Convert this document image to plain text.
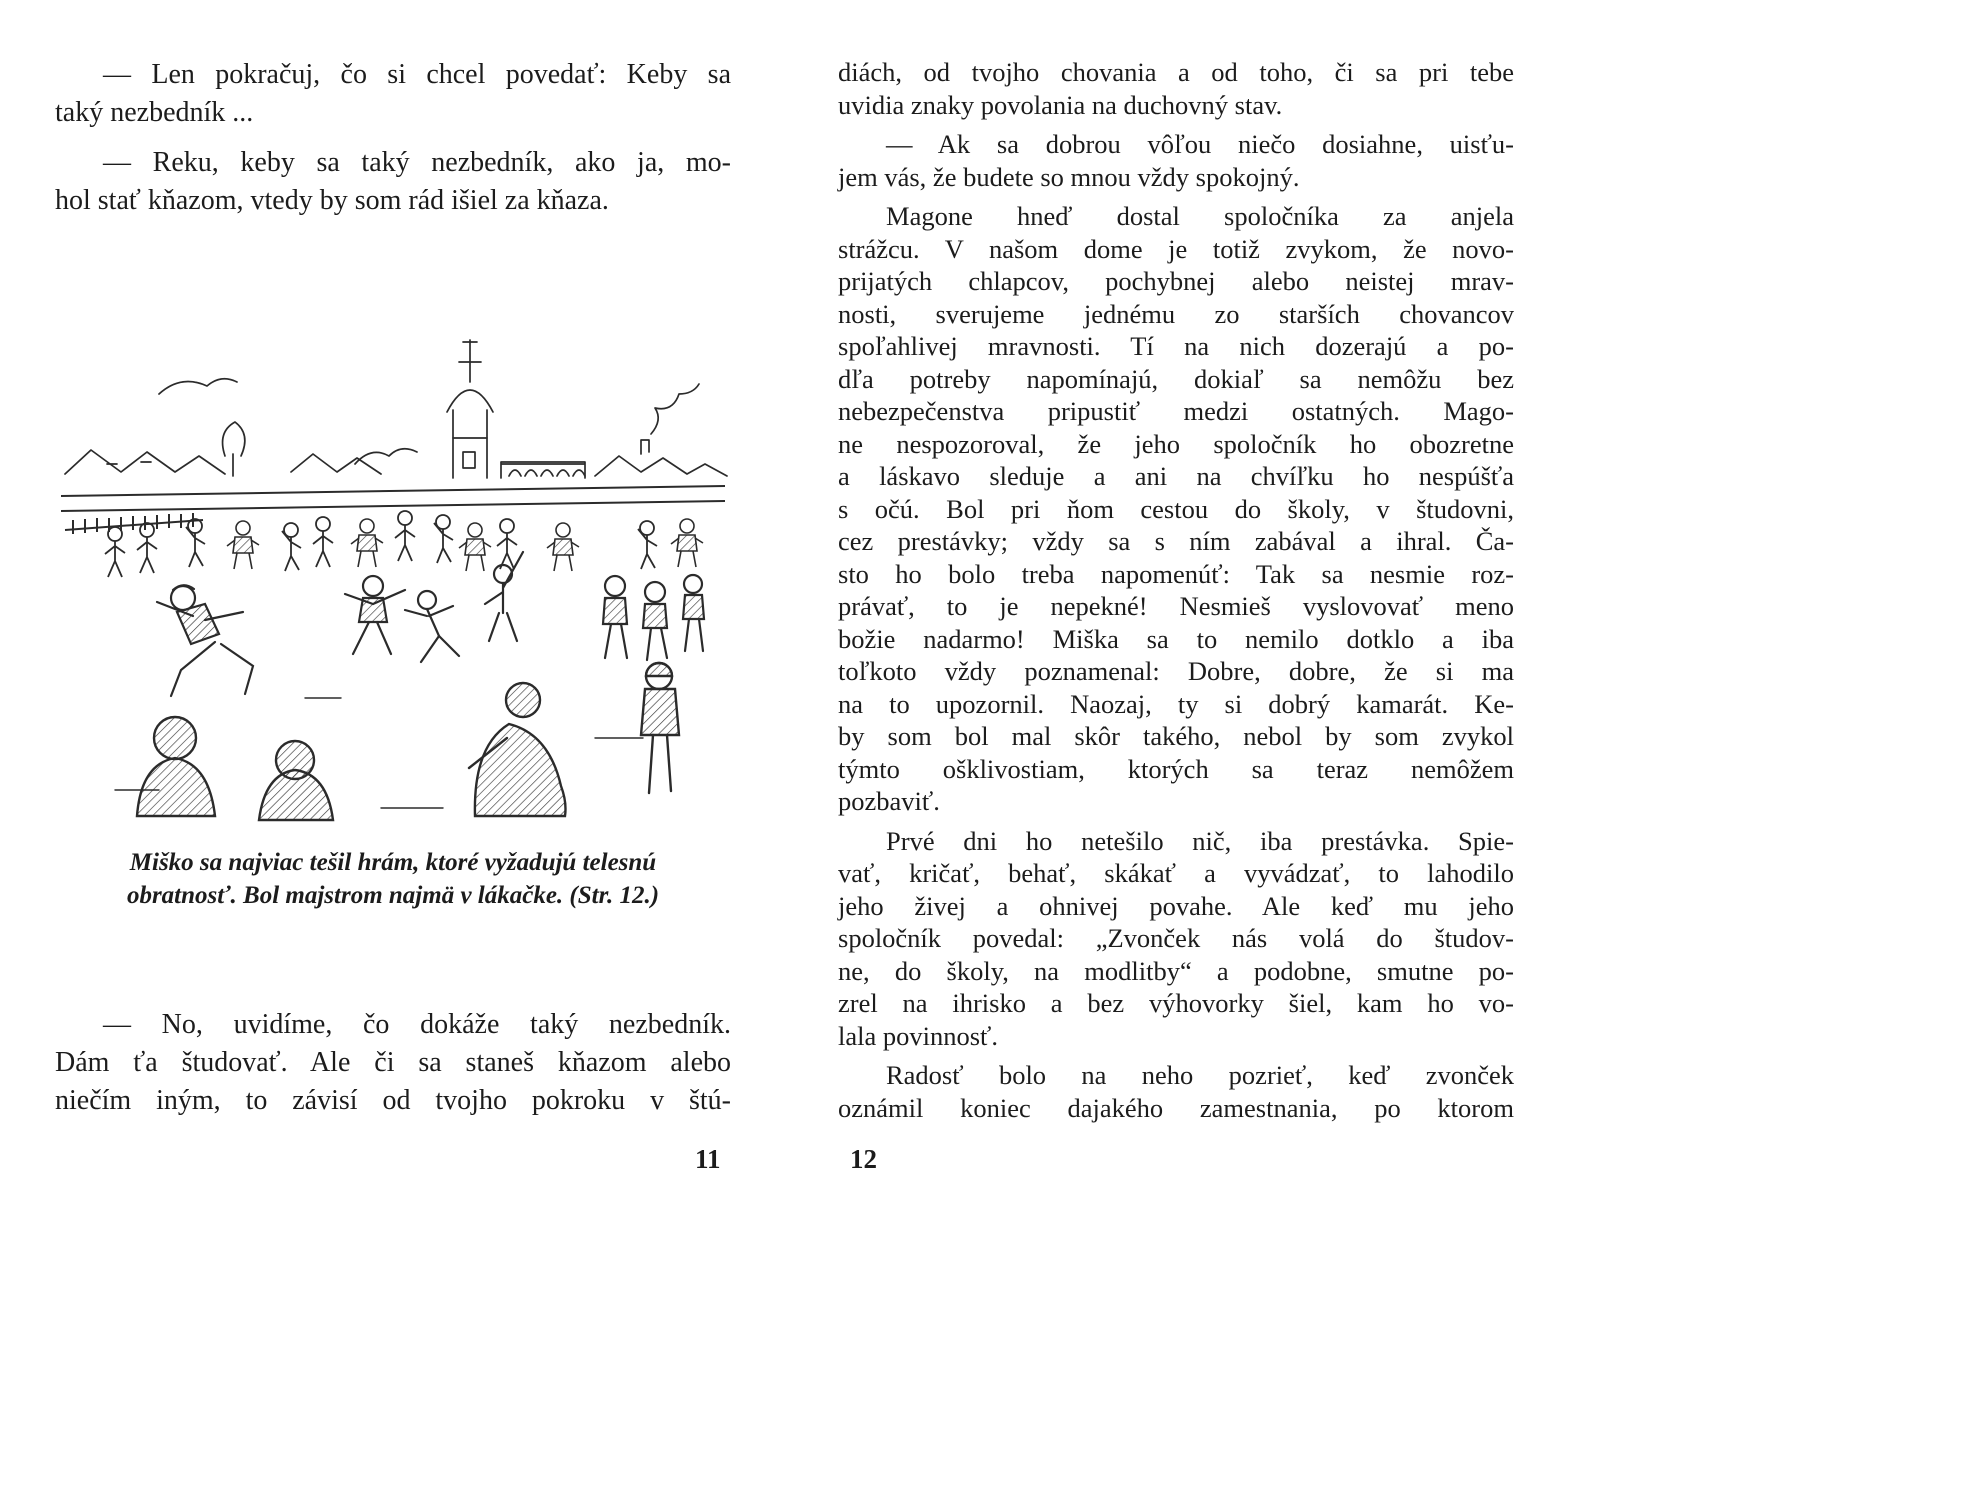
— Len pokračuj, čo si chcel povedať: Keby sa
taký nezbedník ...
— Reku, keby sa taký nezbedník, ako ja, mo-
hol stať kňazom, vtedy by som rád išiel za kňaza.
Miško sa najviac tešil hrám, ktoré vyžadujú telesnú
obratnosť. Bol majstrom najmä v lákačke. (Str. 12.)
— No, uvidíme, čo dokáže taký nezbedník.
Dám ťa študovať. Ale či sa staneš kňazom alebo
niečím iným, to závisí od tvojho pokroku v štú-
11
diách, od tvojho chovania a od toho, či sa pri tebe
uvidia znaky povolania na duchovný stav.
— Ak sa dobrou vôľou niečo dosiahne, uisťu-
jem vás, že budete so mnou vždy spokojný.
Magone hneď dostal spoločníka za anjela
strážcu. V našom dome je totiž zvykom, že novo-
prijatých chlapcov, pochybnej alebo neistej mrav-
nosti, sverujeme jednému zo starších chovancov
spoľahlivej mravnosti. Tí na nich dozerajú a po-
dľa potreby napomínajú, dokiaľ sa nemôžu bez
nebezpečenstva pripustiť medzi ostatných. Mago-
ne nespozoroval, že jeho spoločník ho obozretne
a láskavo sleduje a ani na chvíľku ho nespúšťa
s očú. Bol pri ňom cestou do školy, v študovni,
cez prestávky; vždy sa s ním zabával a ihral. Ča-
sto ho bolo treba napomenúť: Tak sa nesmie roz-
právať, to je nepekné! Nesmieš vyslovovať meno
božie nadarmo! Miška sa to nemilo dotklo a iba
toľkoto vždy poznamenal: Dobre, dobre, že si ma
na to upozornil. Naozaj, ty si dobrý kamarát. Ke-
by som bol mal skôr takého, nebol by som zvykol
týmto ošklivostiam, ktorých sa teraz nemôžem
pozbaviť.
Prvé dni ho netešilo nič, iba prestávka. Spie-
vať, kričať, behať, skákať a vyvádzať, to lahodilo
jeho živej a ohnivej povahe. Ale keď mu jeho
spoločník povedal: „Zvonček nás volá do študov-
ne, do školy, na modlitby“ a podobne, smutne po-
zrel na ihrisko a bez výhovorky šiel, kam ho vo-
lala povinnosť.
Radosť bolo na neho pozrieť, keď zvonček
oznámil koniec dajakého zamestnania, po ktorom
12
